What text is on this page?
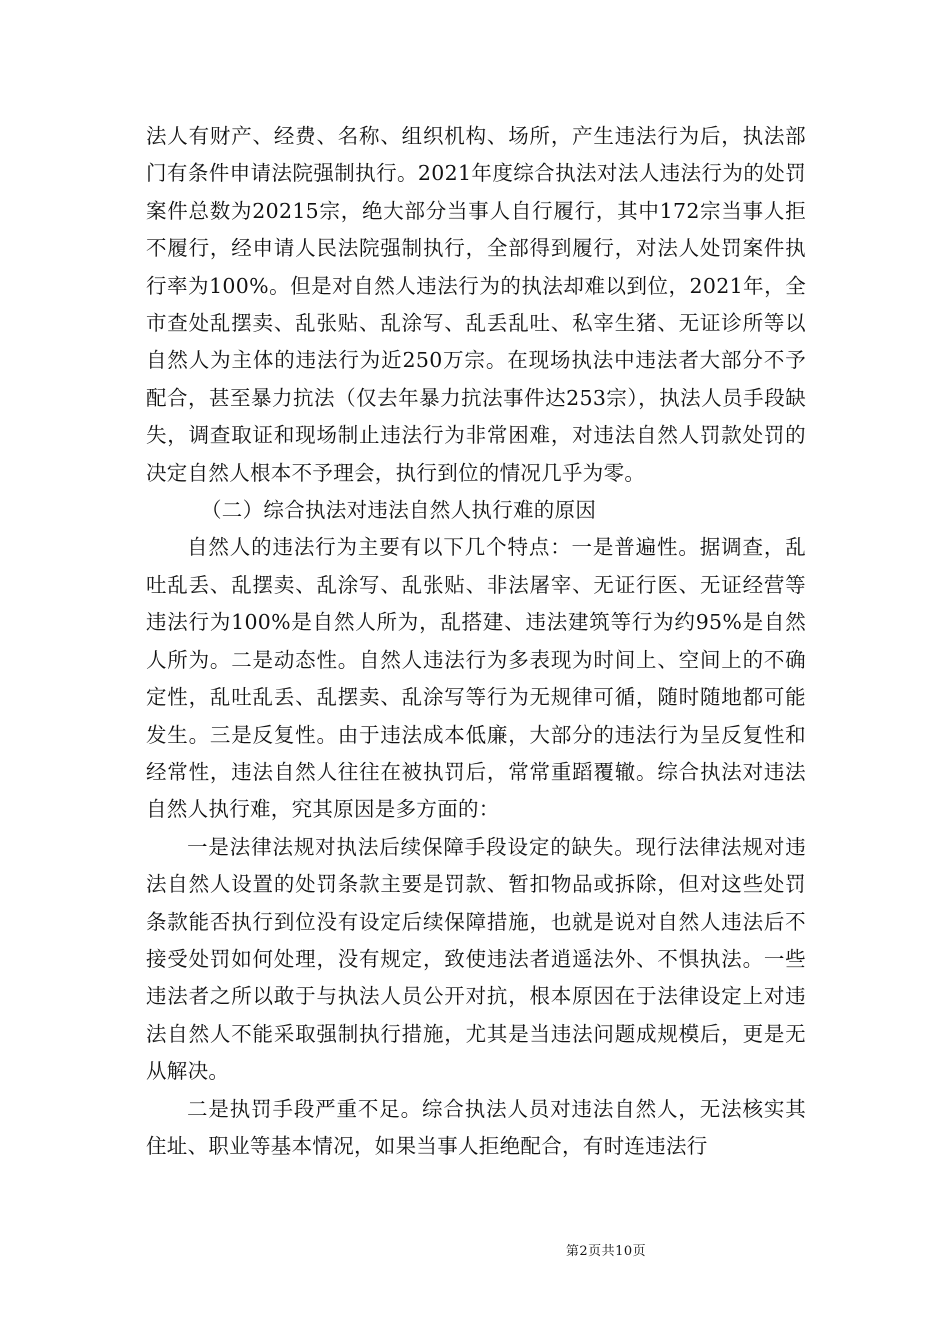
法人有财产、经费、名称、组织机构、场所，产生违法行为后，执法部门有条件申请法院强制执行。2021年度综合执法对法人违法行为的处罚案件总数为20215宗，绝大部分当事人自行履行，其中172宗当事人拒不履行，经申请人民法院强制执行，全部得到履行，对法人处罚案件执行率为100%。但是对自然人违法行为的执法却难以到位，2021年，全市查处乱摆卖、乱张贴、乱涂写、乱丢乱吐、私宰生猪、无证诊所等以自然人为主体的违法行为近250万宗。在现场执法中违法者大部分不予配合，甚至暴力抗法（仅去年暴力抗法事件达253宗），执法人员手段缺失，调查取证和现场制止违法行为非常困难，对违法自然人罚款处罚的决定自然人根本不予理会，执行到位的情况几乎为零。

（二）综合执法对违法自然人执行难的原因

自然人的违法行为主要有以下几个特点：一是普遍性。据调查，乱吐乱丢、乱摆卖、乱涂写、乱张贴、非法屠宰、无证行医、无证经营等违法行为100%是自然人所为，乱搭建、违法建筑等行为约95%是自然人所为。二是动态性。自然人违法行为多表现为时间上、空间上的不确定性，乱吐乱丢、乱摆卖、乱涂写等行为无规律可循，随时随地都可能发生。三是反复性。由于违法成本低廉，大部分的违法行为呈反复性和经常性，违法自然人往往在被执罚后，常常重蹈覆辙。综合执法对违法自然人执行难，究其原因是多方面的：

一是法律法规对执法后续保障手段设定的缺失。现行法律法规对违法自然人设置的处罚条款主要是罚款、暂扣物品或拆除，但对这些处罚条款能否执行到位没有设定后续保障措施，也就是说对自然人违法后不接受处罚如何处理，没有规定，致使违法者逍遥法外、不惧执法。一些违法者之所以敢于与执法人员公开对抗，根本原因在于法律设定上对违法自然人不能采取强制执行措施，尤其是当违法问题成规模后，更是无从解决。

二是执罚手段严重不足。综合执法人员对违法自然人，无法核实其住址、职业等基本情况，如果当事人拒绝配合，有时连违法行

第2页共10页
